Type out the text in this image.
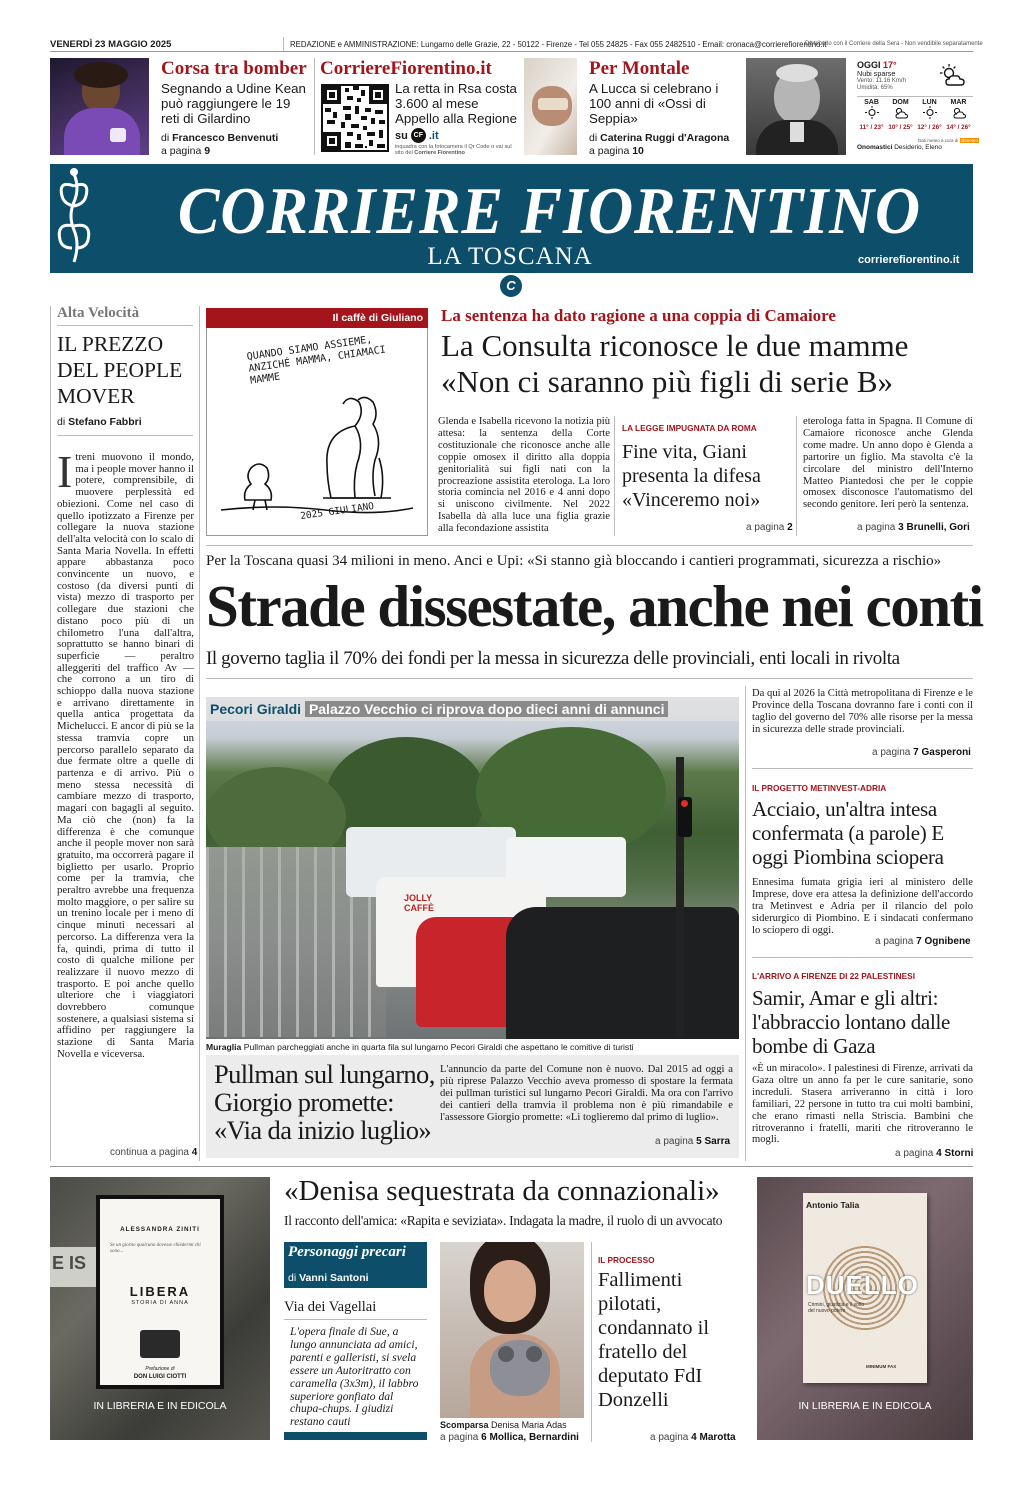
VENERDÌ 23 MAGGIO 2025	REDAZIONE e AMMINISTRAZIONE: Lungarno delle Grazie, 22 - 50122 - Firenze - Tel 055 24825 - Fax 055 2482510 - Email: cronaca@corrierefiorentino.it
Distribuito con il Corriere della Sera - Non vendibile separatamente
Corsa tra bomber
Segnando a Udine Kean può raggiungere le 19 reti di Gilardino
di Francesco Benvenuti
a pagina 9
CorriereFiorentino.it
La retta in Rsa costa 3.600 al mese Appello alla Regione
su CF .it
inquadra con la fotocamera il Qr Code o vai sul sito del Corriere Fiorentino
Per Montale
A Lucca si celebrano i 100 anni di «Ossi di Seppia»
di Caterina Ruggi d'Aragona
a pagina 10
OGGI 17°
Nubi sparse
Vento: 11.16 Km/h
Umidità: 65%
SAB
11° / 23°
DOM
10° / 25°
LUN
12° / 26°
MAR
14° / 26°
Dati meteo a cura di 3bmeteo
Onomastici Desiderio, Eleno
CORRIERE FIORENTINO
LA TOSCANA	corrierefiorentino.it
C
Alta Velocità
IL PREZZO DEL PEOPLE MOVER
di Stefano Fabbri

Itreni muovono il mondo, ma i people mover hanno il potere, comprensibile, di muovere perplessità ed obiezioni. Come nel caso di quello ipotizzato a Firenze per collegare la nuova stazione dell'alta velocità con lo scalo di Santa Maria Novella. In effetti appare abbastanza poco convincente un nuovo, e costoso (da diversi punti di vista) mezzo di trasporto per collegare due stazioni che distano poco più di un chilometro l'una dall'altra, soprattutto se hanno binari di superficie — peraltro alleggeriti del traffico Av — che corrono a un tiro di schioppo dalla nuova stazione e arrivano direttamente in quella antica progettata da Michelucci. E ancor di più se la stessa tramvia copre un percorso parallelo separato da due fermate oltre a quelle di partenza e di arrivo. Più o meno stessa necessità di cambiare mezzo di trasporto, magari con bagagli al seguito. Ma ciò che (non) fa la differenza è che comunque anche il people mover non sarà gratuito, ma occorrerà pagare il biglietto per usarlo. Proprio come per la tramvia, che peraltro avrebbe una frequenza molto maggiore, o per salire su un trenino locale per i meno di cinque minuti necessari al percorso. La differenza vera la fa, quindi, prima di tutto il costo di qualche milione per realizzare il nuovo mezzo di trasporto. E poi anche quello ulteriore che i viaggiatori dovrebbero comunque sostenere, a qualsiasi sistema si affidino per raggiungere la stazione di Santa Maria Novella e viceversa.

continua a pagina 4
Il caffè di Giuliano
QUANDO SIAMO ASSIEME, ANZICHÉ MAMMA, CHIAMACI MAMME
2025 GIULIANO
La sentenza ha dato ragione a una coppia di Camaiore
La Consulta riconosce le due mamme «Non ci saranno più figli di serie B»

Glenda e Isabella ricevono la notizia più attesa: la sentenza della Corte costituzionale che riconosce anche alle coppie omosex il diritto alla doppia genitorialità sui figli nati con la procreazione assistita eterologa. La loro storia comincia nel 2016 e 4 anni dopo si uniscono civilmente. Nel 2022 Isabella dà alla luce una figlia grazie alla fecondazione assistita

LA LEGGE IMPUGNATA DA ROMA
Fine vita, Giani presenta la difesa «Vinceremo noi»
a pagina 2

eterologa fatta in Spagna. Il Comune di Camaiore riconosce anche Glenda come madre. Un anno dopo è Glenda a partorire un figlio. Ma stavolta c'è la circolare del ministro dell'Interno Matteo Piantedosi che per le coppie omosex disconosce l'automatismo del secondo genitore. Ieri però la sentenza.

a pagina 3 Brunelli, Gori
Per la Toscana quasi 34 milioni in meno. Anci e Upi: «Si stanno già bloccando i cantieri programmati, sicurezza a rischio»
Strade dissestate, anche nei conti
Il governo taglia il 70% dei fondi per la messa in sicurezza delle provinciali, enti locali in rivolta
JOLLY CAFFÈ
Pecori Giraldi Palazzo Vecchio ci riprova dopo dieci anni di annunci
Muraglia Pullman parcheggiati anche in quarta fila sul lungarno Pecori Giraldi che aspettano le comitive di turisti
Pullman sul lungarno, Giorgio promette: «Via da inizio luglio»

L'annuncio da parte del Comune non è nuovo. Dal 2015 ad oggi a più riprese Palazzo Vecchio aveva promesso di spostare la fermata dei pullman turistici sul lungarno Pecori Giraldi. Ma ora con l'arrivo dei cantieri della tramvia il problema non è più rimandabile e l'assessore Giorgio promette: «Li toglieremo dal primo di luglio».

a pagina 5 Sarra

Da qui al 2026 la Città metropolitana di Firenze e le Province della Toscana dovranno fare i conti con il taglio del governo del 70% alle risorse per la messa in sicurezza delle strade provinciali.

a pagina 7 Gasperoni
IL PROGETTO METINVEST-ADRIA
Acciaio, un'altra intesa confermata (a parole) E oggi Piombina sciopera

Ennesima fumata grigia ieri al ministero delle Imprese, dove era attesa la definizione dell'accordo tra Metinvest e Adria per il rilancio del polo siderurgico di Piombino. E i sindacati confermano lo sciopero di oggi.

a pagina 7 Ognibene
L'ARRIVO A FIRENZE DI 22 PALESTINESI
Samir, Amar e gli altri: l'abbraccio lontano dalle bombe di Gaza

«È un miracolo». I palestinesi di Firenze, arrivati da Gaza oltre un anno fa per le cure sanitarie, sono increduli. Stasera arriveranno in città i loro familiari, 22 persone in tutto tra cui molti bambini, che erano rimasti nella Striscia. Bambini che ritroveranno i fratelli, mariti che ritroveranno le mogli.

a pagina 4 Storni
E IS
ALESSANDRA ZINITI
Se un giorno qualcuno dovesse chiedermi chi sono...
LIBERA
STORIA DI ANNA
Prefazione di
DON LUIGI CIOTTI
IN LIBRERIA E IN EDICOLA
«Denisa sequestrata da connazionali»
Il racconto dell'amica: «Rapita e seviziata». Indagata la madre, il ruolo di un avvocato
Personaggi precari
di Vanni Santoni
Via dei Vagellai
L'opera finale di Sue, a lungo annunciata ad amici, parenti e galleristi, si svela essere un Autoritratto con caramella (3x3m), il labbro superiore gonfiato dal chupa-chups. I giudizi restano cauti	Scomparsa Denisa Maria Adas
a pagina 6 Mollica, Bernardini
IL PROCESSO
Fallimenti pilotati, condannato il fratello del deputato FdI Donzelli
a pagina 4 Marotta
Antonio Talia
DUELLO
Crimini, giustizia e il volto del nuovo potere
MINIMUM FAX
IN LIBRERIA E IN EDICOLA
